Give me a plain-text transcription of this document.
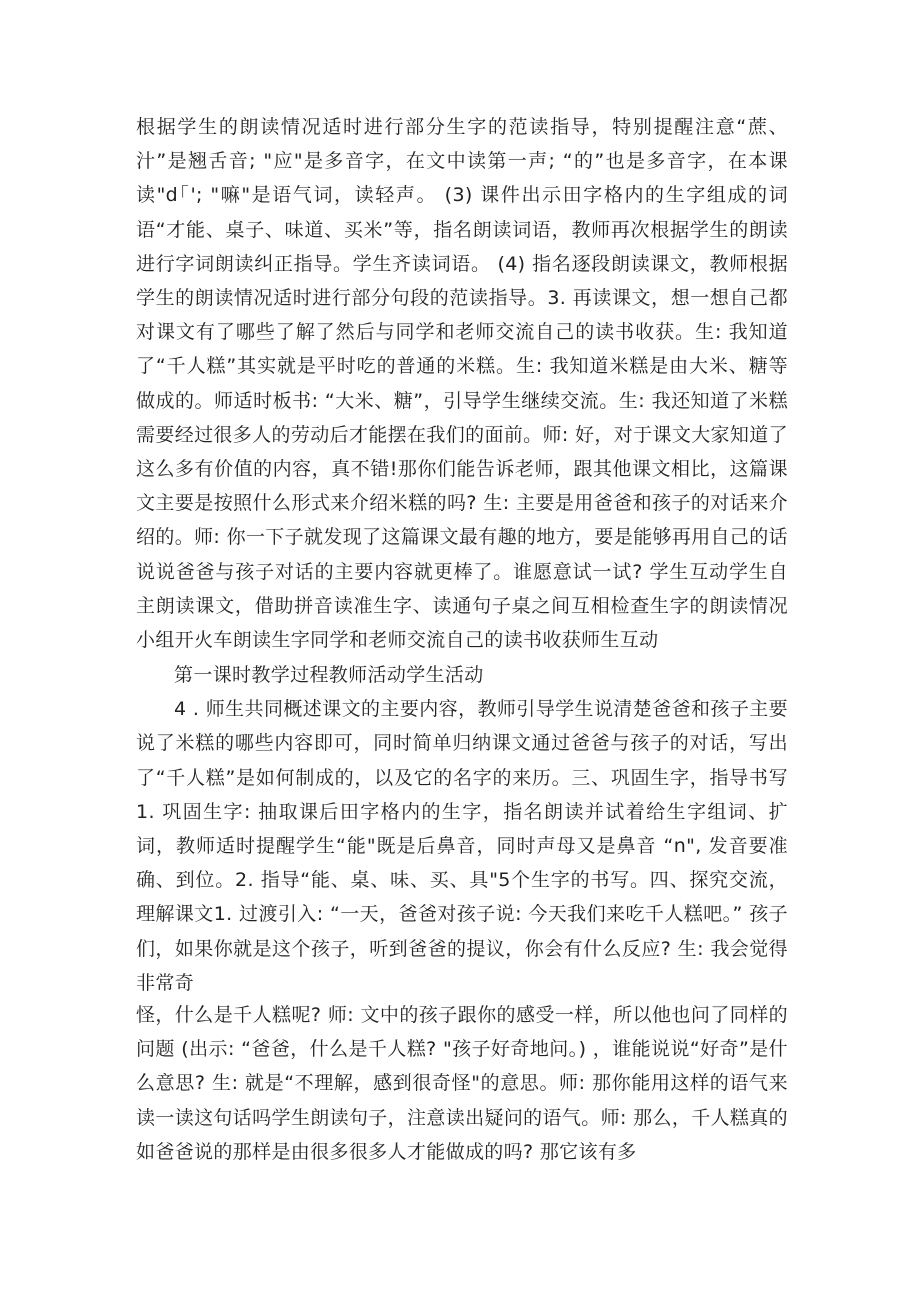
根据学生的朗读情况适时进行部分生字的范读指导，特别提醒注意“蔗、汁”是翘舌音; "应"是多音字，在文中读第一声; “的”也是多音字，在本课读"d｢'; "嘛"是语气词，读轻声。 (3) 课件出示田字格内的生字组成的词语“才能、桌子、味道、买米”等，指名朗读词语，教师再次根据学生的朗读进行字词朗读纠正指导。学生齐读词语。 (4) 指名逐段朗读课文，教师根据学生的朗读情况适时进行部分句段的范读指导。3. 再读课文，想一想自己都对课文有了哪些了解了然后与同学和老师交流自己的读书收获。生: 我知道了“千人糕”其实就是平时吃的普通的米糕。生: 我知道米糕是由大米、糖等做成的。师适时板书: “大米、糖”，引导学生继续交流。生: 我还知道了米糕需要经过很多人的劳动后才能摆在我们的面前。师: 好，对于课文大家知道了这么多有价值的内容，真不错!那你们能告诉老师，跟其他课文相比，这篇课文主要是按照什么形式来介绍米糕的吗? 生: 主要是用爸爸和孩子的对话来介绍的。师: 你一下子就发现了这篇课文最有趣的地方，要是能够再用自己的话说说爸爸与孩子对话的主要内容就更棒了。谁愿意试一试? 学生互动学生自主朗读课文，借助拼音读准生字、读通句子桌之间互相检查生字的朗读情况小组开火车朗读生字同学和老师交流自己的读书收获师生互动

第一课时教学过程教师活动学生活动

4 . 师生共同概述课文的主要内容，教师引导学生说清楚爸爸和孩子主要说了米糕的哪些内容即可，同时简单归纳课文通过爸爸与孩子的对话，写出了“千人糕”是如何制成的，以及它的名字的来历。三、巩固生字，指导书写1. 巩固生字: 抽取课后田字格内的生字，指名朗读并试着给生字组词、扩词，教师适时提醒学生“能"既是后鼻音，同时声母又是鼻音 “n", 发音要准确、到位。2. 指导“能、桌、味、买、具"5个生字的书写。四、探究交流，理解课文1. 过渡引入: “一天，爸爸对孩子说: 今天我们来吃千人糕吧。” 孩子们，如果你就是这个孩子，听到爸爸的提议，你会有什么反应? 生: 我会觉得非常奇

怪，什么是千人糕呢? 师: 文中的孩子跟你的感受一样，所以他也问了同样的问题 (出示: “爸爸，什么是千人糕? "孩子好奇地问。) ，谁能说说“好奇”是什么意思? 生: 就是“不理解，感到很奇怪"的意思。师: 那你能用这样的语气来读一读这句话吗学生朗读句子，注意读出疑问的语气。师: 那么，千人糕真的如爸爸说的那样是由很多很多人才能做成的吗? 那它该有多
